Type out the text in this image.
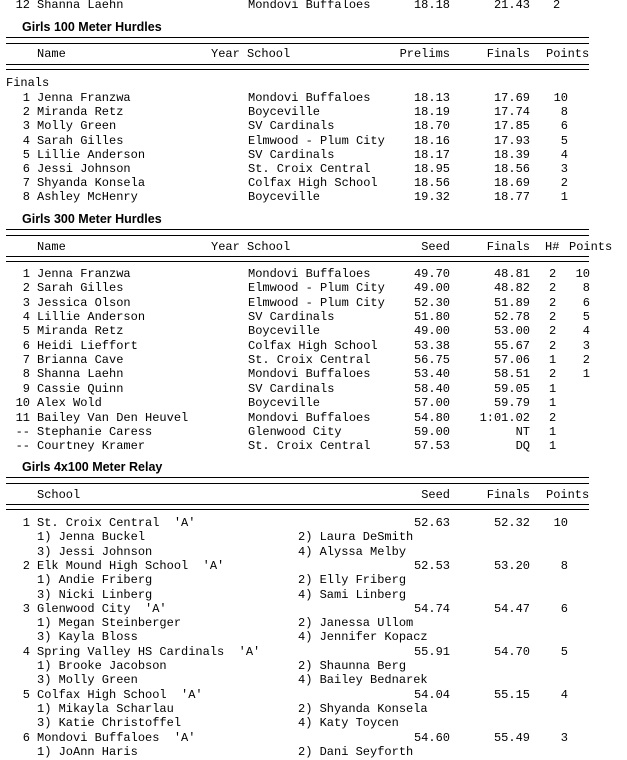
12 Shanna Laehn	Mondovi Buffaloes	18.18	21.43 2
Girls 100 Meter Hurdles
Name	Year School	Prelims	Finals Points
Finals
1 Jenna Franzwa	Mondovi Buffaloes	18.13	17.69	10
2 Miranda Retz	Boyceville	18.19	17.74	8
3 Molly Green	SV Cardinals	18.70	17.85	6
4 Sarah Gilles	Elmwood - Plum City	18.16	17.93	5
5 Lillie Anderson	SV Cardinals	18.17	18.39	4
6 Jessi Johnson	St. Croix Central	18.95	18.56	3
7 Shyanda Konsela	Colfax High School	18.56	18.69	2
8 Ashley McHenry	Boyceville	19.32	18.77	1
Girls 300 Meter Hurdles
Name	Year School	Seed	Finals H# Points
1 Jenna Franzwa	Mondovi Buffaloes	49.70	48.81 2	10
2 Sarah Gilles	Elmwood - Plum City	49.00	48.82 2	8
3 Jessica Olson	Elmwood - Plum City	52.30	51.89 2	6
4 Lillie Anderson	SV Cardinals	51.80	52.78 2	5
5 Miranda Retz	Boyceville	49.00	53.00 2	4
6 Heidi Lieffort	Colfax High School	53.38	55.67 2	3
7 Brianna Cave	St. Croix Central	56.75	57.06 1	2
8 Shanna Laehn	Mondovi Buffaloes	53.40	58.51 2	1
9 Cassie Quinn	SV Cardinals	58.40	59.05 1
10 Alex Wold	Boyceville	57.00	59.79 1
11 Bailey Van Den Heuvel	Mondovi Buffaloes	54.80	1:01.02 2
-- Stephanie Caress	Glenwood City	59.00	NT 1
-- Courtney Kramer	St. Croix Central	57.53	DQ 1
Girls 4x100 Meter Relay
School	Seed	Finals Points
1 St. Croix Central  'A'	52.63	52.32	10
1) Jenna Buckel	2) Laura DeSmith
3) Jessi Johnson	4) Alyssa Melby
2 Elk Mound High School  'A'	52.53	53.20	8
1) Andie Friberg	2) Elly Friberg
3) Nicki Linberg	4) Sami Linberg
3 Glenwood City  'A'	54.74	54.47	6
1) Megan Steinberger	2) Janessa Ullom
3) Kayla Bloss	4) Jennifer Kopacz
4 Spring Valley HS Cardinals  'A'	55.91	54.70	5
1) Brooke Jacobson	2) Shaunna Berg
3) Molly Green	4) Bailey Bednarek
5 Colfax High School  'A'	54.04	55.15	4
1) Mikayla Scharlau	2) Shyanda Konsela
3) Katie Christoffel	4) Katy Toycen
6 Mondovi Buffaloes  'A'	54.60	55.49	3
1) JoAnn Haris	2) Dani Seyforth
